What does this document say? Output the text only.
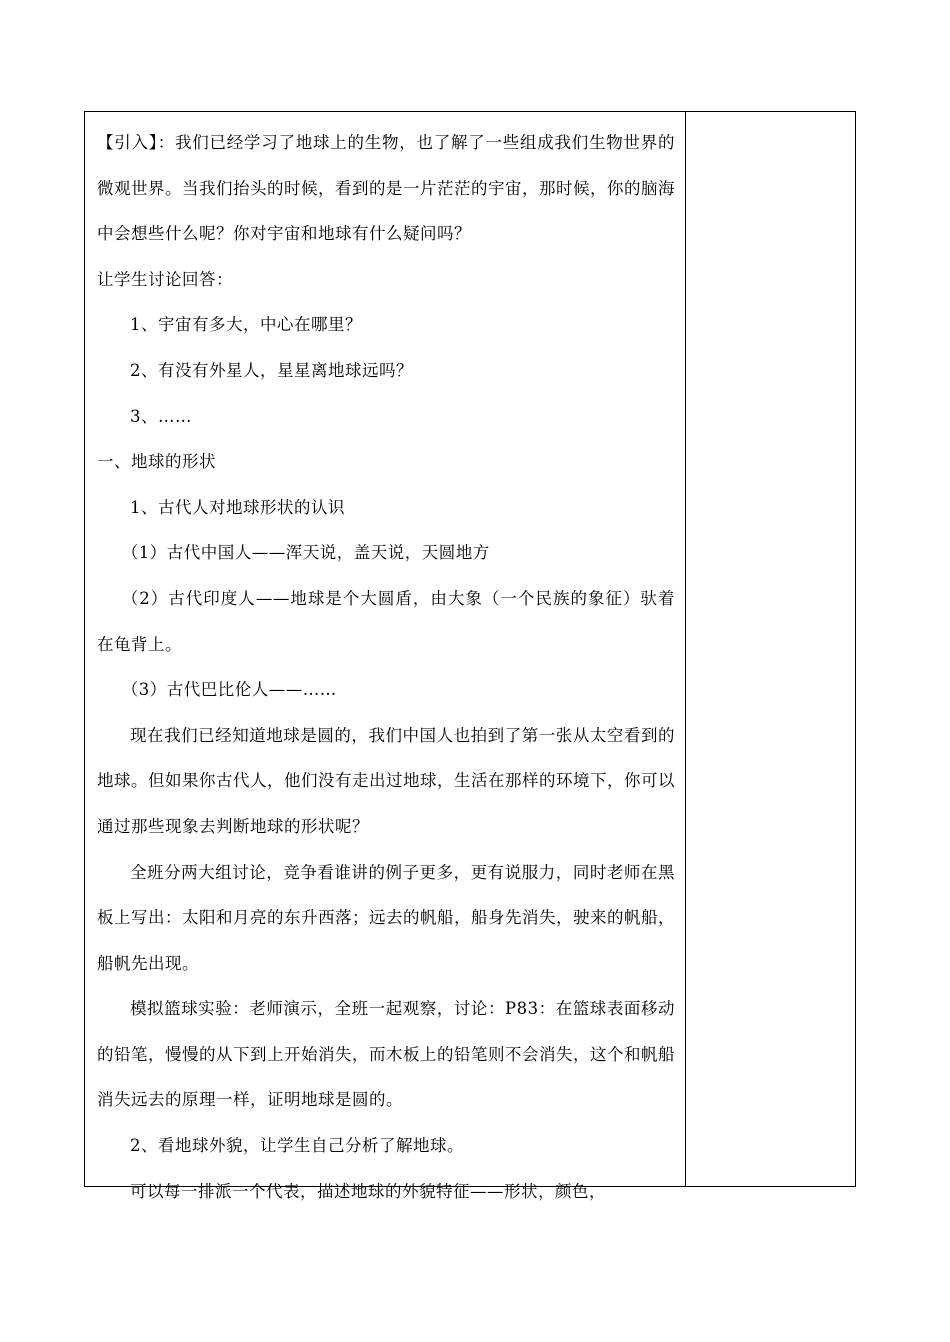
【引入】：我们已经学习了地球上的生物，也了解了一些组成我们生物世界的微观世界。当我们抬头的时候，看到的是一片茫茫的宇宙，那时候，你的脑海中会想些什么呢？你对宇宙和地球有什么疑问吗？

让学生讨论回答：

1、宇宙有多大，中心在哪里？

2、有没有外星人，星星离地球远吗？

3、……

一、地球的形状

1、古代人对地球形状的认识

（1）古代中国人——浑天说，盖天说，天圆地方

（2）古代印度人——地球是个大圆盾，由大象（一个民族的象征）驮着在龟背上。

（3）古代巴比伦人——……

现在我们已经知道地球是圆的，我们中国人也拍到了第一张从太空看到的地球。但如果你古代人，他们没有走出过地球，生活在那样的环境下，你可以通过那些现象去判断地球的形状呢？

全班分两大组讨论，竞争看谁讲的例子更多，更有说服力，同时老师在黑板上写出：太阳和月亮的东升西落；远去的帆船，船身先消失，驶来的帆船，船帆先出现。

模拟篮球实验：老师演示，全班一起观察，讨论：P83：在篮球表面移动的铅笔，慢慢的从下到上开始消失，而木板上的铅笔则不会消失，这个和帆船消失远去的原理一样，证明地球是圆的。

2、看地球外貌，让学生自己分析了解地球。

可以每一排派一个代表，描述地球的外貌特征——形状，颜色，
